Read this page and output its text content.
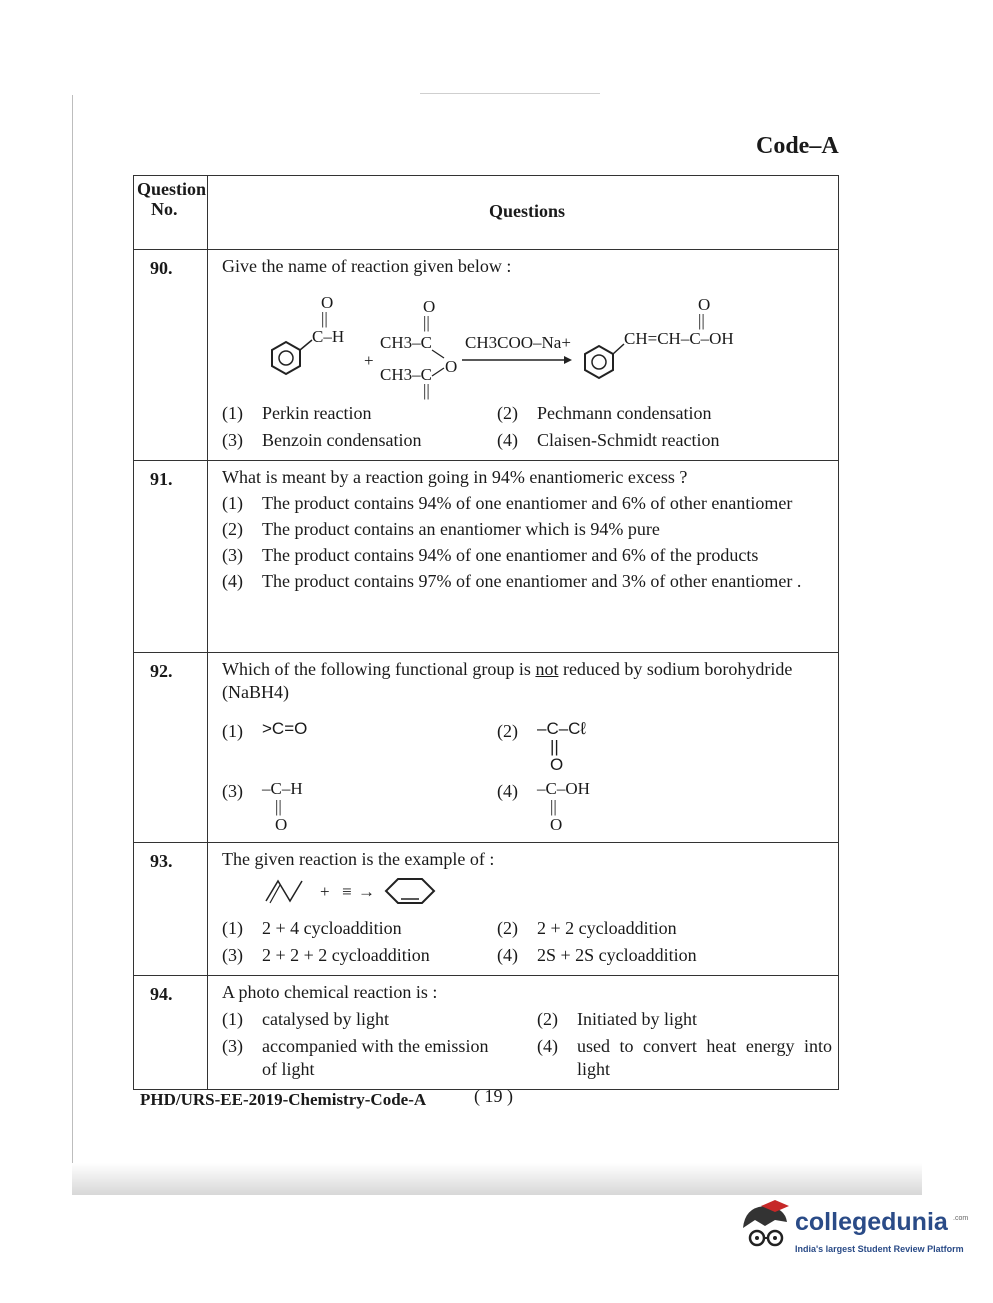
Code–A
Question
No.	Questions
90.	Give the name of reaction given below :
O
||
C–H
+
O
||
CH3–C
O
CH3–C
||
CH3COO–Na+
O
||
CH=CH–C–OH
(1)	Perkin reaction	(2)	Pechmann condensation
(3)	Benzoin condensation	(4)	Claisen-Schmidt reaction

91.	What is meant by a reaction going in 94% enantiomeric excess ?
(1)	The product contains 94% of one enantiomer and 6% of other enantiomer
(2)	The product contains an enantiomer which is 94% pure
(3)	The product contains 94% of one enantiomer and 6% of the products
(4)	The product contains 97% of one enantiomer and 3% of other enantiomer .

92.	Which of the following functional group is not reduced by sodium borohydride (NaBH4)
(1)	>C=O	(2)	–C–Cℓ
||
O
(3)	–C–H
||
O	(4)	–C–OH
||
O

93.	The given reaction is the example of :
+ ≡ →
(1)	2 + 4 cycloaddition	(2)	2 + 2 cycloaddition
(3)	2 + 2 + 2 cycloaddition	(4)	2S + 2S cycloaddition

94.	A photo chemical reaction is :
(1)	catalysed by light	(2)	Initiated by light
(3)	accompanied with the emission of light	(4)	used to convert heat energy into light
PHD/URS-EE-2019-Chemistry-Code-A	( 19 )
collegedunia .com
India's largest Student Review Platform
